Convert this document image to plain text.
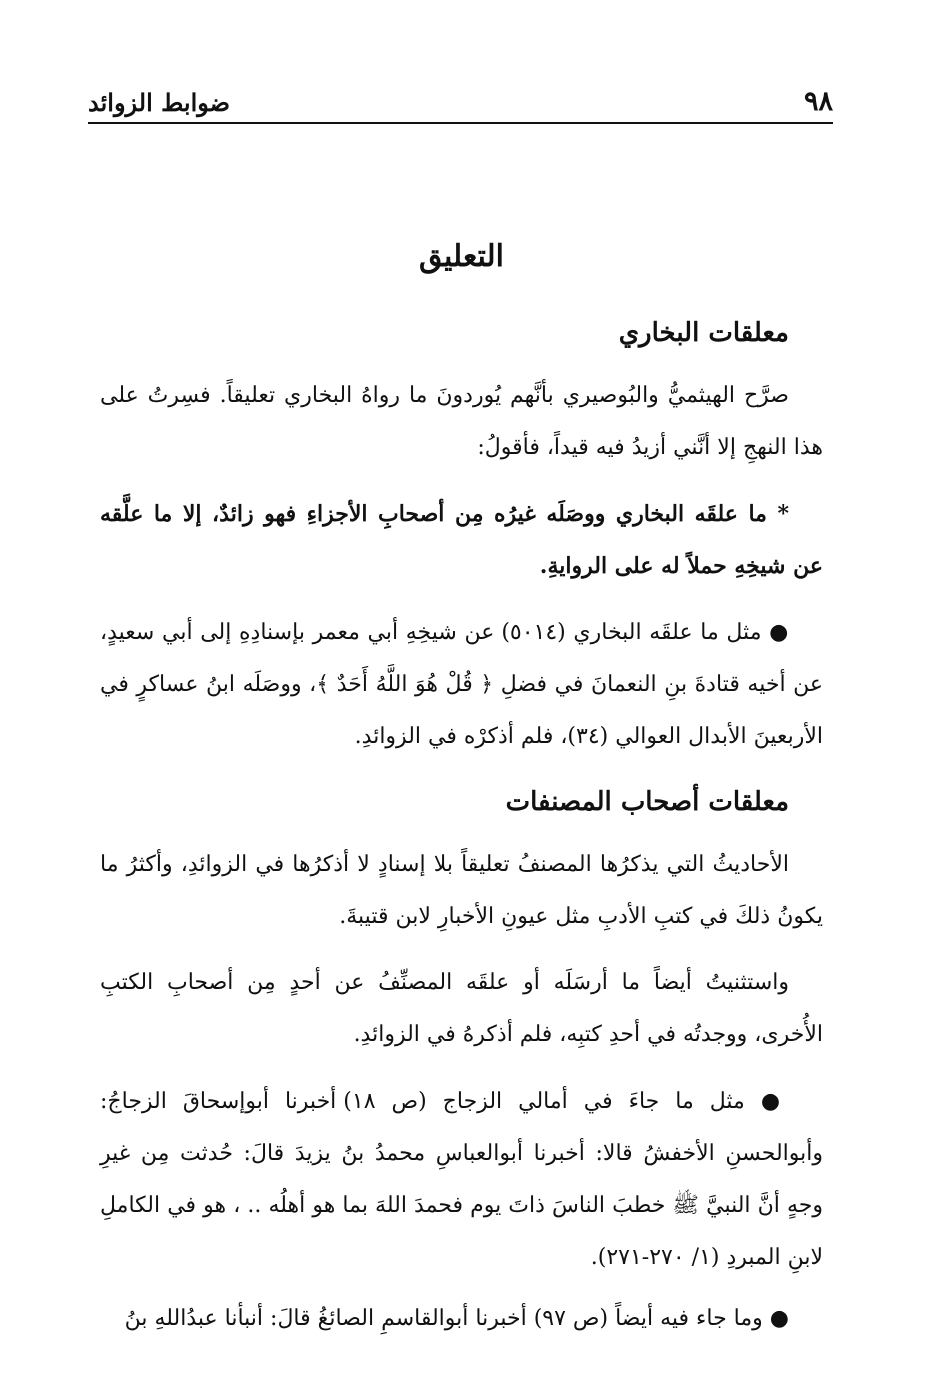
٩٨
ضوابط الزوائد
التعليق
معلقات البخاري

صرَّح الهيثميُّ والبُوصيري بأنَّهم يُوردونَ ما رواهُ البخاري تعليقاً. فسِرتُ على هذا النهجِ إلا أنَّني أزيدُ فيه قيداً، فأقولُ:

* ما علقَه البخاري ووصَلَه غيرُه مِن أصحابِ الأجزاءِ فهو زائدٌ، إلا ما علَّقه عن شيخِهِ حملاً له على الروايةِ.

● مثل ما علقَه البخاري (٥٠١٤) عن شيخِهِ أبي معمر بإسنادِهِ إلى أبي سعيدٍ، عن أخيه قتادةَ بنِ النعمانَ في فضلِ ﴿ قُلْ هُوَ اللَّهُ أَحَدٌ ﴾، ووصَلَه ابنُ عساكرٍ في الأربعينَ الأبدال العوالي (٣٤)، فلم أذكرْه في الزوائدِ.

معلقات أصحاب المصنفات

الأحاديثُ التي يذكرُها المصنفُ تعليقاً بلا إسنادٍ لا أذكرُها في الزوائدِ، وأكثرُ ما يكونُ ذلكَ في كتبِ الأدبِ مثل عيونِ الأخبارِ لابن قتيبةَ.

واستثنيتُ أيضاً ما أرسَلَه أو علقَه المصنِّفُ عن أحدٍ مِن أصحابِ الكتبِ الأُخرى، ووجدتُه في أحدِ كتبِه، فلم أذكرهُ في الزوائدِ.

● مثل ما جاءَ في أمالي الزجاج (ص ١٨) أخبرنا أبوإسحاقَ الزجاجُ: وأبوالحسنِ الأخفشُ قالا: أخبرنا أبوالعباسِ محمدُ بنُ يزيدَ قالَ: حُدثت مِن غيرِ وجهٍ أنَّ النبيَّ ﷺ خطبَ الناسَ ذاتَ يوم فحمدَ اللهَ بما هو أهلُه .. ، هو في الكاملِ لابنِ المبردِ (١/ ٢٧٠-٢٧١).

● وما جاء فيه أيضاً (ص ٩٧) أخبرنا أبوالقاسمِ الصائغُ قالَ: أنبأنا عبدُاللهِ بنُ
